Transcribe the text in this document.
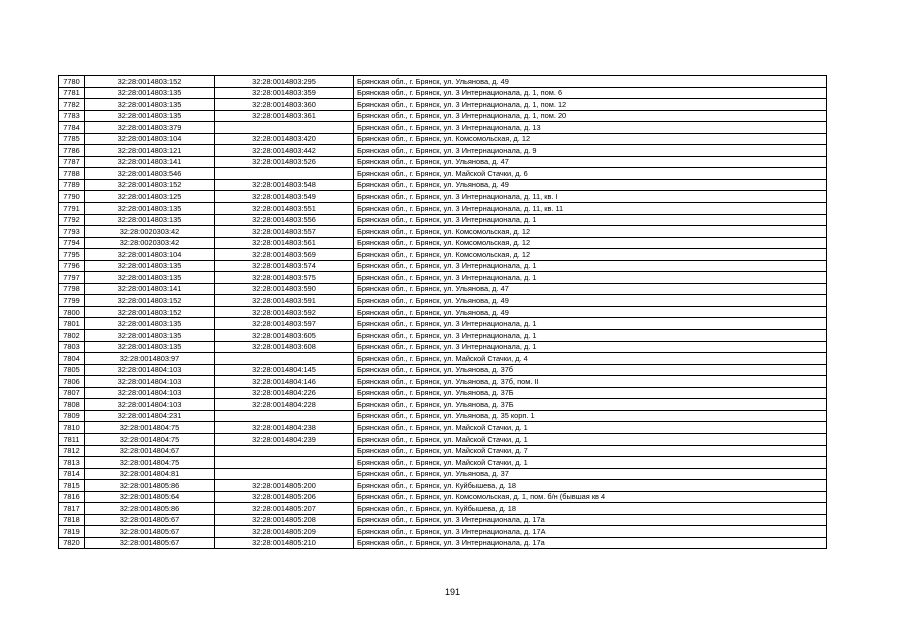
7780	32:28:0014803:152	32:28:0014803:295	Брянская обл., г. Брянск, ул. Ульянова, д. 49
7781	32:28:0014803:135	32:28:0014803:359	Брянская обл., г. Брянск, ул. 3 Интернационала, д. 1, пом. 6
7782	32:28:0014803:135	32:28:0014803:360	Брянская обл., г. Брянск, ул. 3 Интернационала, д. 1, пом. 12
7783	32:28:0014803:135	32:28:0014803:361	Брянская обл., г. Брянск, ул. 3 Интернационала, д. 1, пом. 20
7784	32:28:0014803:379		Брянская обл., г. Брянск, ул. 3 Интернационала, д. 13
7785	32:28:0014803:104	32:28:0014803:420	Брянская обл., г. Брянск, ул. Комсомольская, д. 12
7786	32:28:0014803:121	32:28:0014803:442	Брянская обл., г. Брянск, ул. 3 Интернационала, д. 9
7787	32:28:0014803:141	32:28:0014803:526	Брянская обл., г. Брянск, ул. Ульянова, д. 47
7788	32:28:0014803:546		Брянская обл., г. Брянск, ул. Майской Стачки, д. 6
7789	32:28:0014803:152	32:28:0014803:548	Брянская обл., г. Брянск, ул. Ульянова, д. 49
7790	32:28:0014803:125	32:28:0014803:549	Брянская обл., г. Брянск, ул. 3 Интернационала, д. 11, кв. I
7791	32:28:0014803:135	32:28:0014803:551	Брянская обл., г. Брянск, ул. 3 Интернационала, д. 11, кв. 11
7792	32:28:0014803:135	32:28:0014803:556	Брянская обл., г. Брянск, ул. 3 Интернационала, д. 1
7793	32:28:0020303:42	32:28:0014803:557	Брянская обл., г. Брянск, ул. Комсомольская, д. 12
7794	32:28:0020303:42	32:28:0014803:561	Брянская обл., г. Брянск, ул. Комсомольская, д. 12
7795	32:28:0014803:104	32:28:0014803:569	Брянская обл., г. Брянск, ул. Комсомольская, д. 12
7796	32:28:0014803:135	32:28:0014803:574	Брянская обл., г. Брянск, ул. 3 Интернационала, д. 1
7797	32:28:0014803:135	32:28:0014803:575	Брянская обл., г. Брянск, ул. 3 Интернационала, д. 1
7798	32:28:0014803:141	32:28:0014803:590	Брянская обл., г. Брянск, ул. Ульянова, д. 47
7799	32:28:0014803:152	32:28:0014803:591	Брянская обл., г. Брянск, ул. Ульянова, д. 49
7800	32:28:0014803:152	32:28:0014803:592	Брянская обл., г. Брянск, ул. Ульянова, д. 49
7801	32:28:0014803:135	32:28:0014803:597	Брянская обл., г. Брянск, ул. 3 Интернационала, д. 1
7802	32:28:0014803:135	32:28:0014803:605	Брянская обл., г. Брянск, ул. 3 Интернационала, д. 1
7803	32:28:0014803:135	32:28:0014803:608	Брянская обл., г. Брянск, ул. 3 Интернационала, д. 1
7804	32:28:0014803:97		Брянская обл., г. Брянск, ул. Майской Стачки, д. 4
7805	32:28:0014804:103	32:28:0014804:145	Брянская обл., г. Брянск, ул. Ульянова, д. 37б
7806	32:28:0014804:103	32:28:0014804:146	Брянская обл., г. Брянск, ул. Ульянова, д. 37б, пом. II
7807	32:28:0014804:103	32:28:0014804:226	Брянская обл., г. Брянск, ул. Ульянова, д. 37Б
7808	32:28:0014804:103	32:28:0014804:228	Брянская обл., г. Брянск, ул. Ульянова, д. 37Б
7809	32:28:0014804:231		Брянская обл., г. Брянск, ул. Ульянова, д. 35 корп. 1
7810	32:28:0014804:75	32:28:0014804:238	Брянская обл., г. Брянск, ул. Майской Стачки, д. 1
7811	32:28:0014804:75	32:28:0014804:239	Брянская обл., г. Брянск, ул. Майской Стачки, д. 1
7812	32:28:0014804:67		Брянская обл., г. Брянск, ул. Майской Стачки, д. 7
7813	32:28:0014804:75		Брянская обл., г. Брянск, ул. Майской Стачки, д. 1
7814	32:28:0014804:81		Брянская обл., г. Брянск, ул. Ульянова, д. 37
7815	32:28:0014805:86	32:28:0014805:200	Брянская обл., г. Брянск, ул. Куйбышева, д. 18
7816	32:28:0014805:64	32:28:0014805:206	Брянская обл., г. Брянск, ул. Комсомольская, д. 1, пом. б/н (бывшая кв 4
7817	32:28:0014805:86	32:28:0014805:207	Брянская обл., г. Брянск, ул. Куйбышева, д. 18
7818	32:28:0014805:67	32:28:0014805:208	Брянская обл., г. Брянск, ул. 3 Интернационала, д. 17а
7819	32:28:0014805:67	32:28:0014805:209	Брянская обл., г. Брянск, ул. 3 Интернационала, д. 17А
7820	32:28:0014805:67	32:28:0014805:210	Брянская обл., г. Брянск, ул. 3 Интернационала, д. 17а
191
